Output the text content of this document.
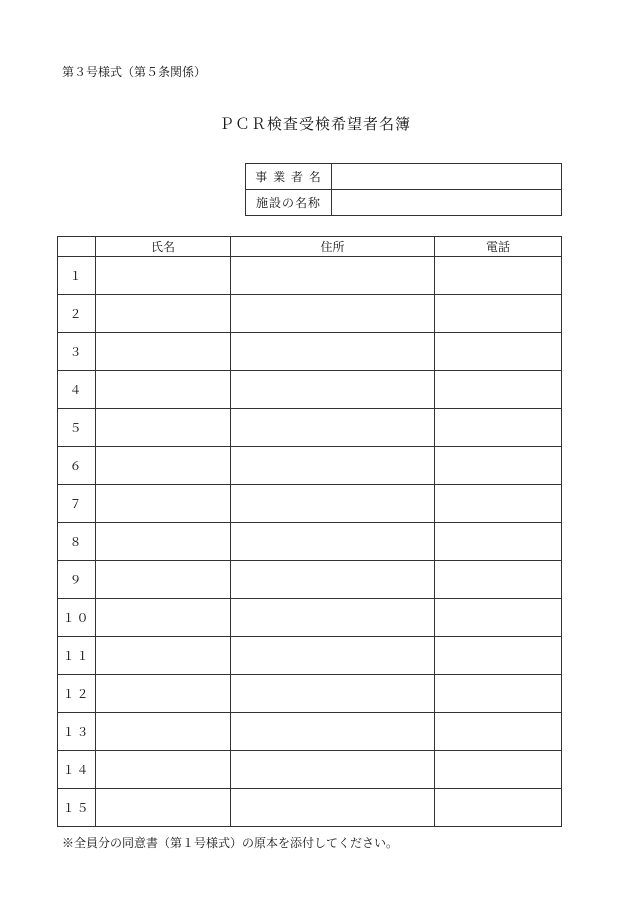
第３号様式（第５条関係）
ＰＣＲ検査受検希望者名簿
事 業 者 名	
施設の名称	
	氏名	住所	電話
１			
２			
３			
４			
５			
６			
７			
８			
９			
１０			
１１			
１２			
１３			
１４			
１５			
※全員分の同意書（第１号様式）の原本を添付してください。
